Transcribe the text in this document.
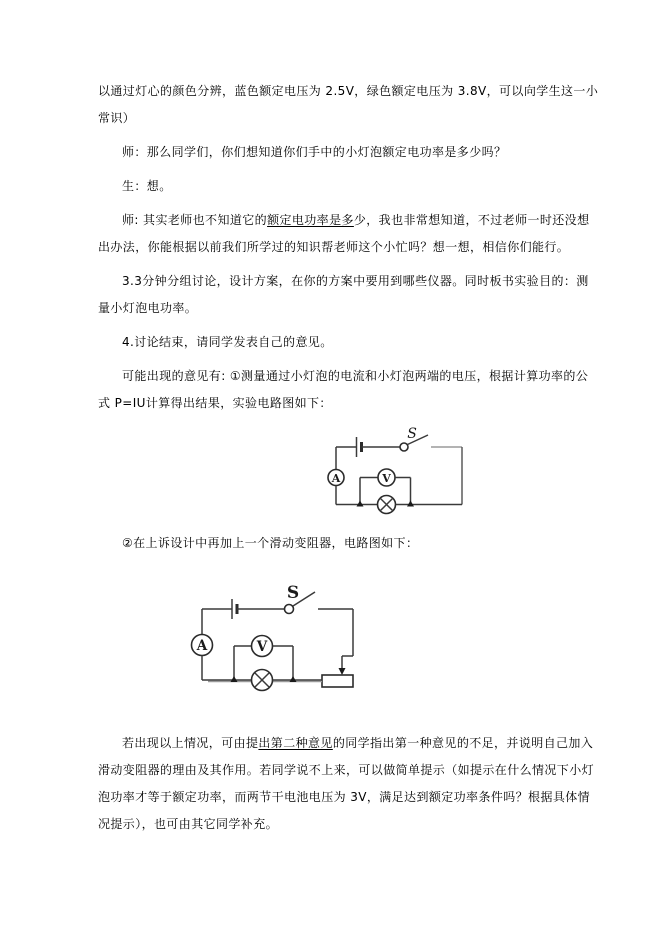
以通过灯心的颜色分辨，蓝色额定电压为 2.5V，绿色额定电压为 3.8V，可以向学生这一小
常识）
师：那么同学们，你们想知道你们手中的小灯泡额定电功率是多少吗？
生：想。
师: 其实老师也不知道它的额定电功率是多少，我也非常想知道，不过老师一时还没想
出办法，你能根据以前我们所学过的知识帮老师这个小忙吗？想一想，相信你们能行。
3.3分钟分组讨论，设计方案，在你的方案中要用到哪些仪器。同时板书实验目的：测
量小灯泡电功率。
4.讨论结束，请同学发表自己的意见。
可能出现的意见有: ①测量通过小灯泡的电流和小灯泡两端的电压，根据计算功率的公
式 P=IU计算得出结果，实验电路图如下：
S
A	V
②在上诉设计中再加上一个滑动变阻器，电路图如下：
S
A	V
若出现以上情况，可由提出第二种意见的同学指出第一种意见的不足，并说明自己加入
滑动变阻器的理由及其作用。若同学说不上来，可以做简单提示（如提示在什么情况下小灯
泡功率才等于额定功率，而两节干电池电压为 3V，满足达到额定功率条件吗？根据具体情
况提示），也可由其它同学补充。
